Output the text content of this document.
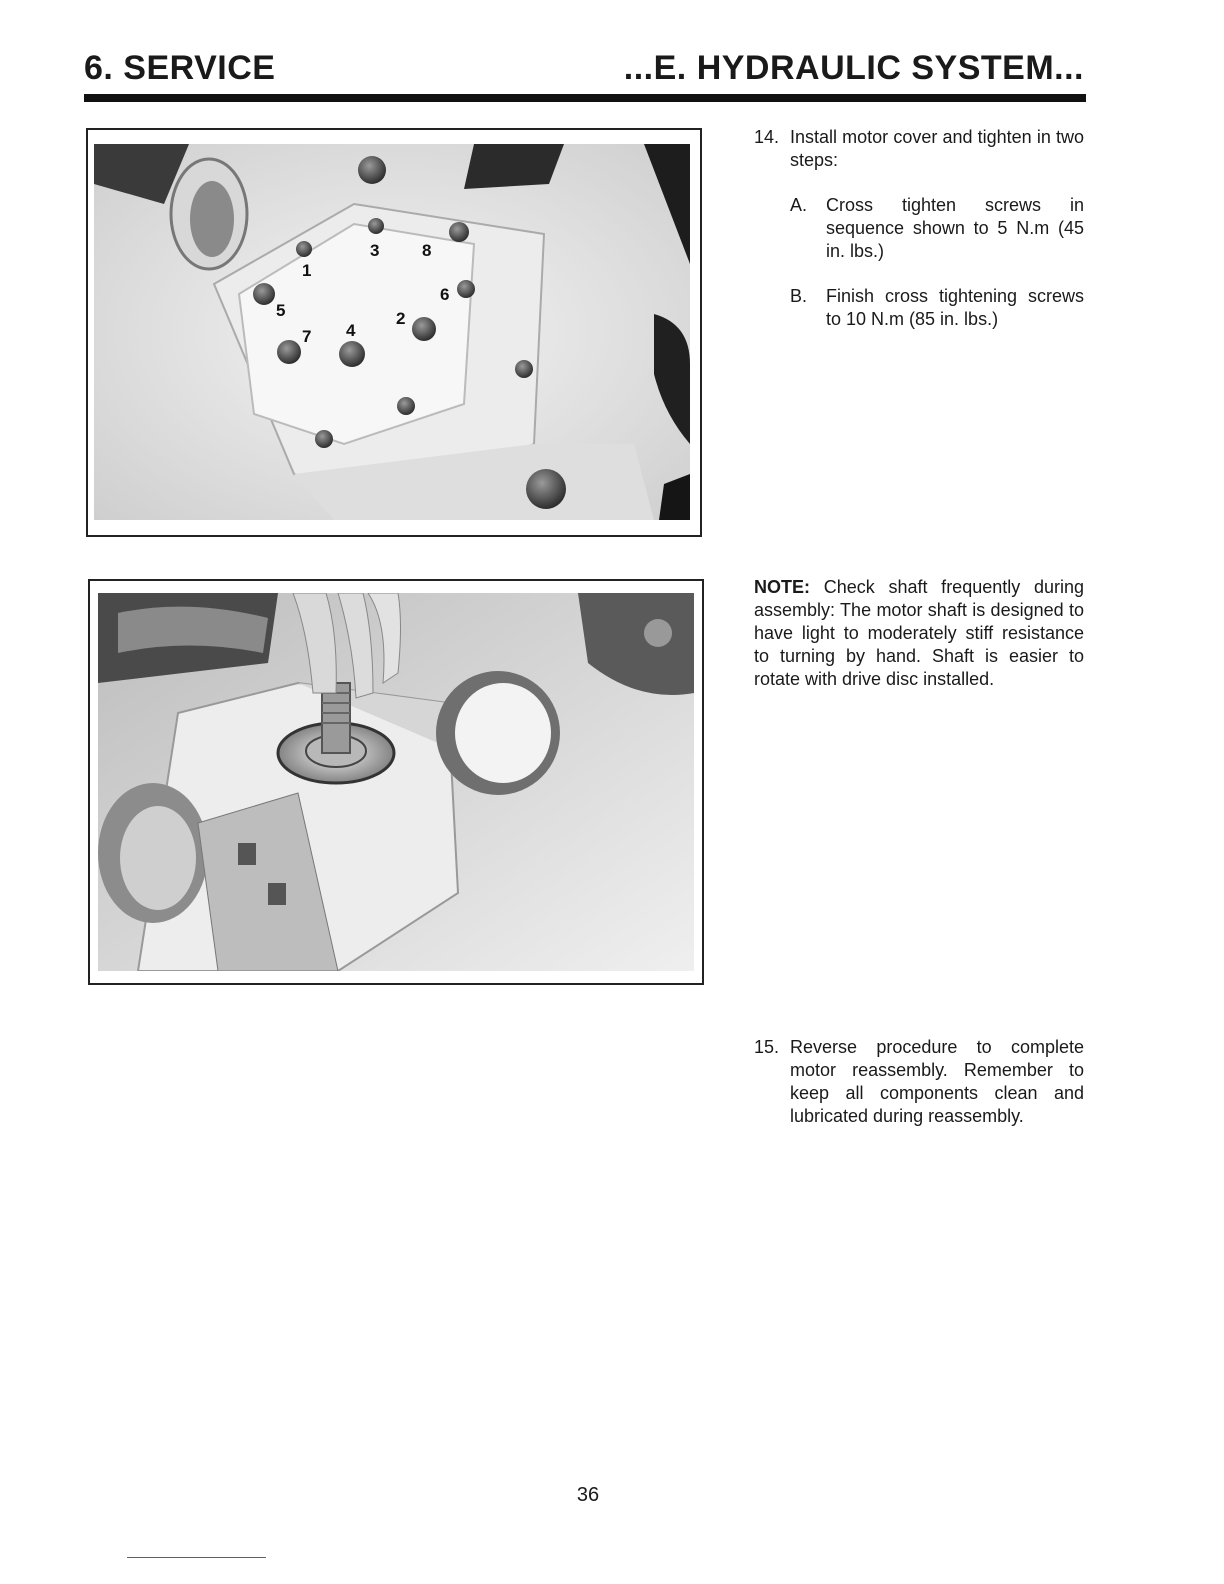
6. SERVICE	...E. HYDRAULIC SYSTEM...
1
2
3
4
5
6
7
8
14. Install motor cover and tighten in two steps:
A. Cross tighten screws in sequence shown to 5 N.m (45 in. lbs.)
B. Finish cross tightening screws to 10 N.m (85 in. lbs.)
NOTE: Check shaft frequently during assembly: The motor shaft is designed to have light to moderately stiff resistance to turning by hand. Shaft is easier to rotate with drive disc installed.
15. Reverse procedure to complete motor reassembly. Remember to keep all components clean and lubricated during reassembly.
36
